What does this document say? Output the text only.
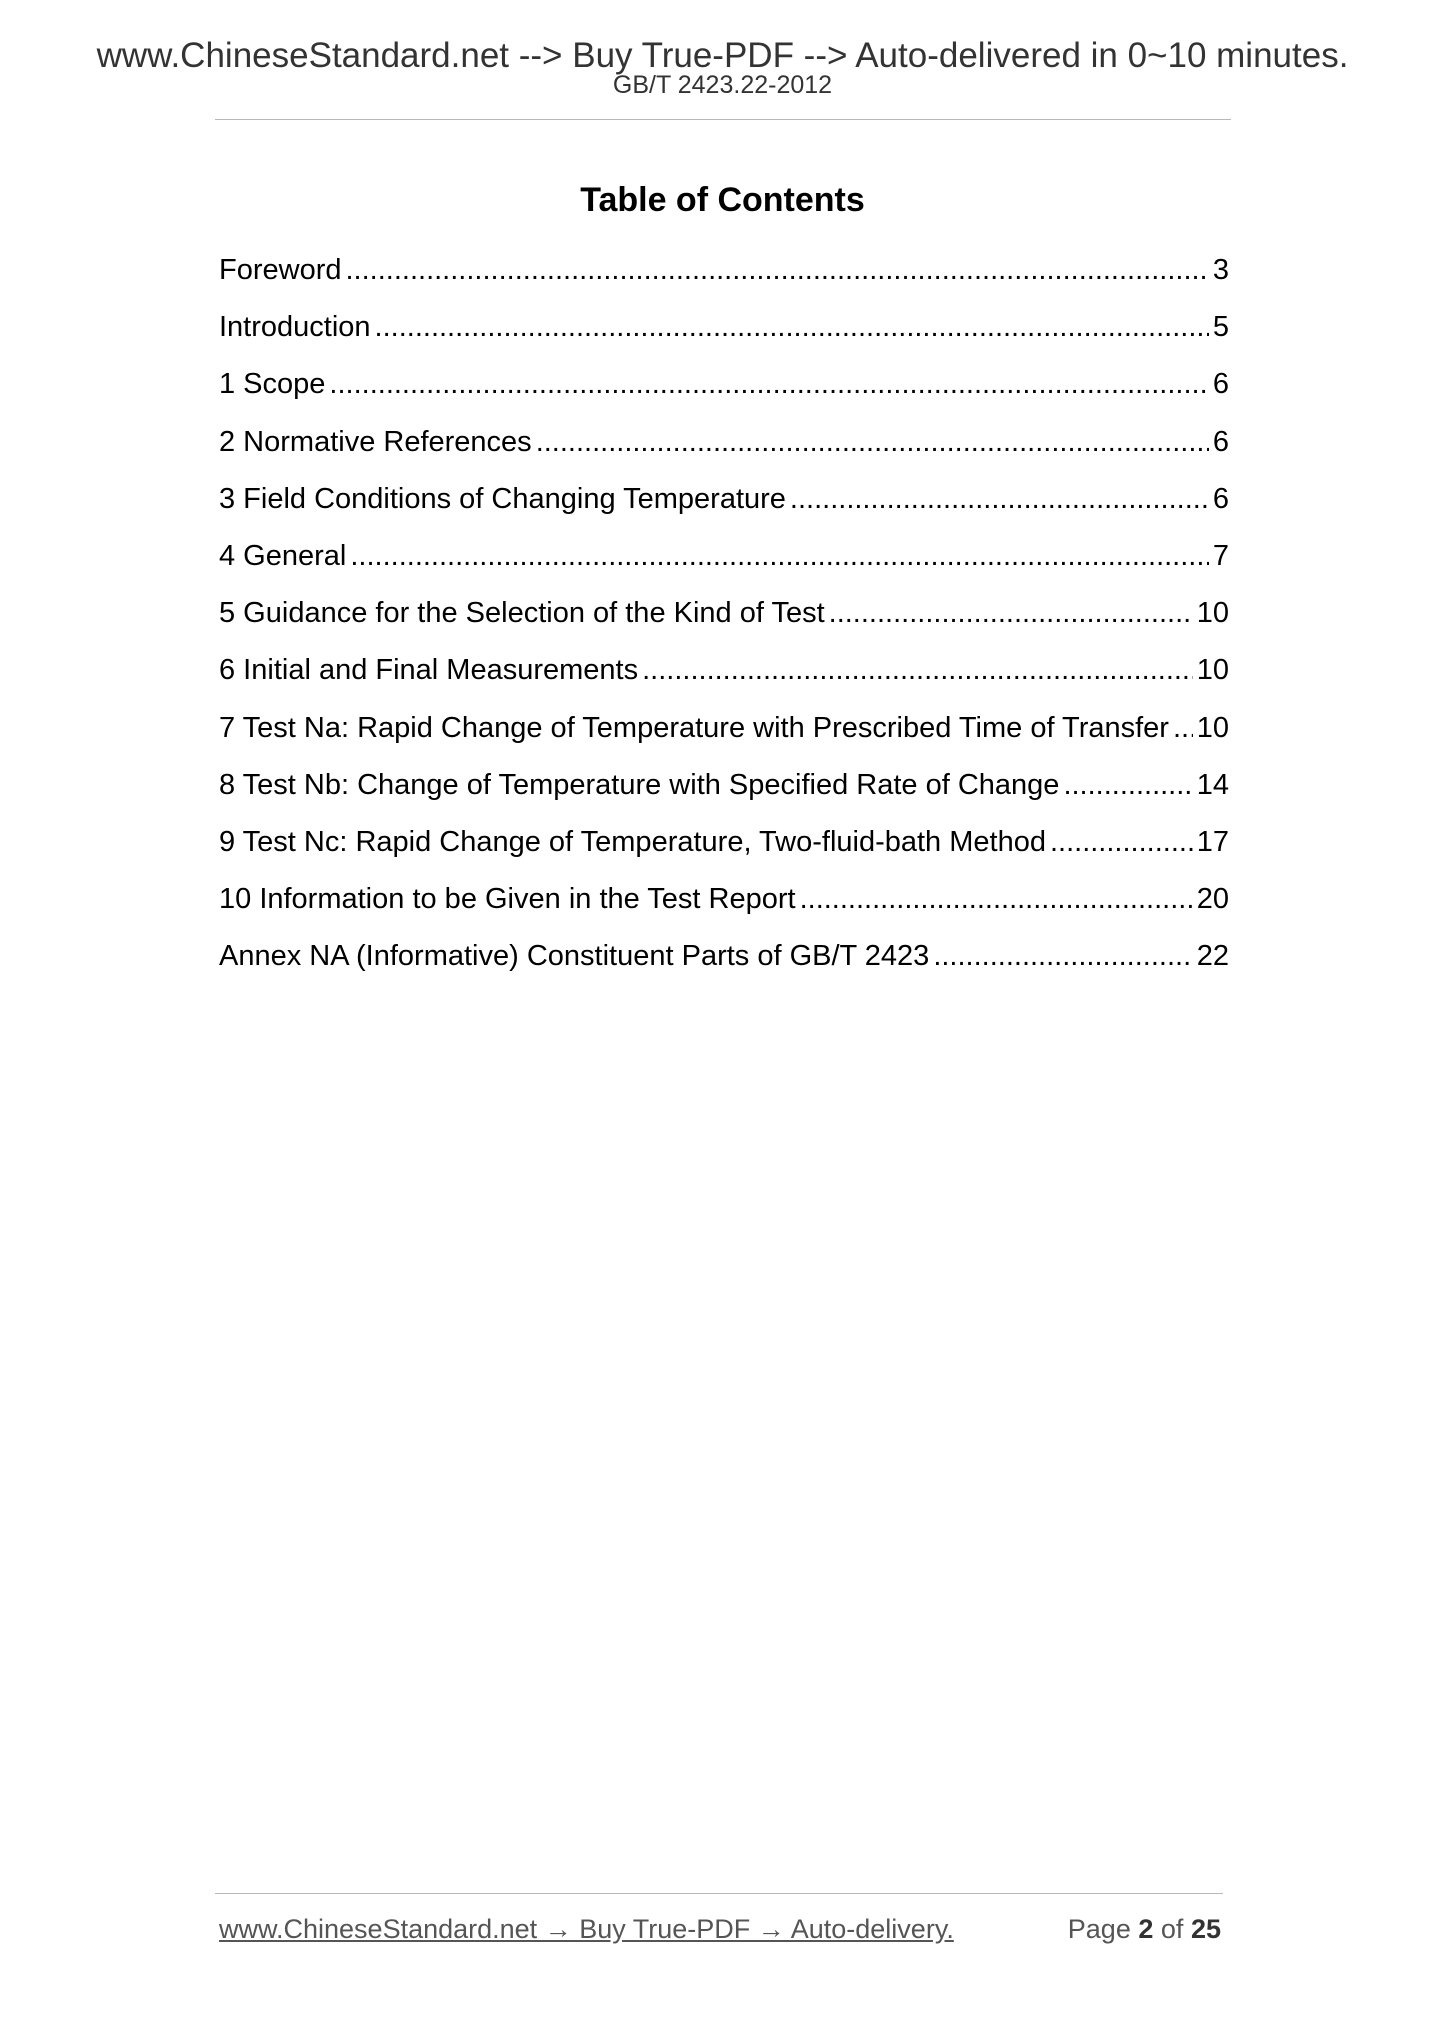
www.ChineseStandard.net --> Buy True-PDF --> Auto-delivered in 0~10 minutes.
GB/T 2423.22-2012
Table of Contents
Foreword .....	3
Introduction .....	5
1 Scope .....	6
2 Normative References .....	6
3 Field Conditions of Changing Temperature .....	6
4 General .....	7
5 Guidance for the Selection of the Kind of Test .....	10
6 Initial and Final Measurements .....	10
7 Test Na: Rapid Change of Temperature with Prescribed Time of Transfer ..... 10
8 Test Nb: Change of Temperature with Specified Rate of Change .....	14
9 Test Nc: Rapid Change of Temperature, Two-fluid-bath Method .....	17
10 Information to be Given in the Test Report .....	20
Annex NA (Informative) Constituent Parts of GB/T 2423 .....	22
www.ChineseStandard.net → Buy True-PDF → Auto-delivery.	Page 2 of 25
